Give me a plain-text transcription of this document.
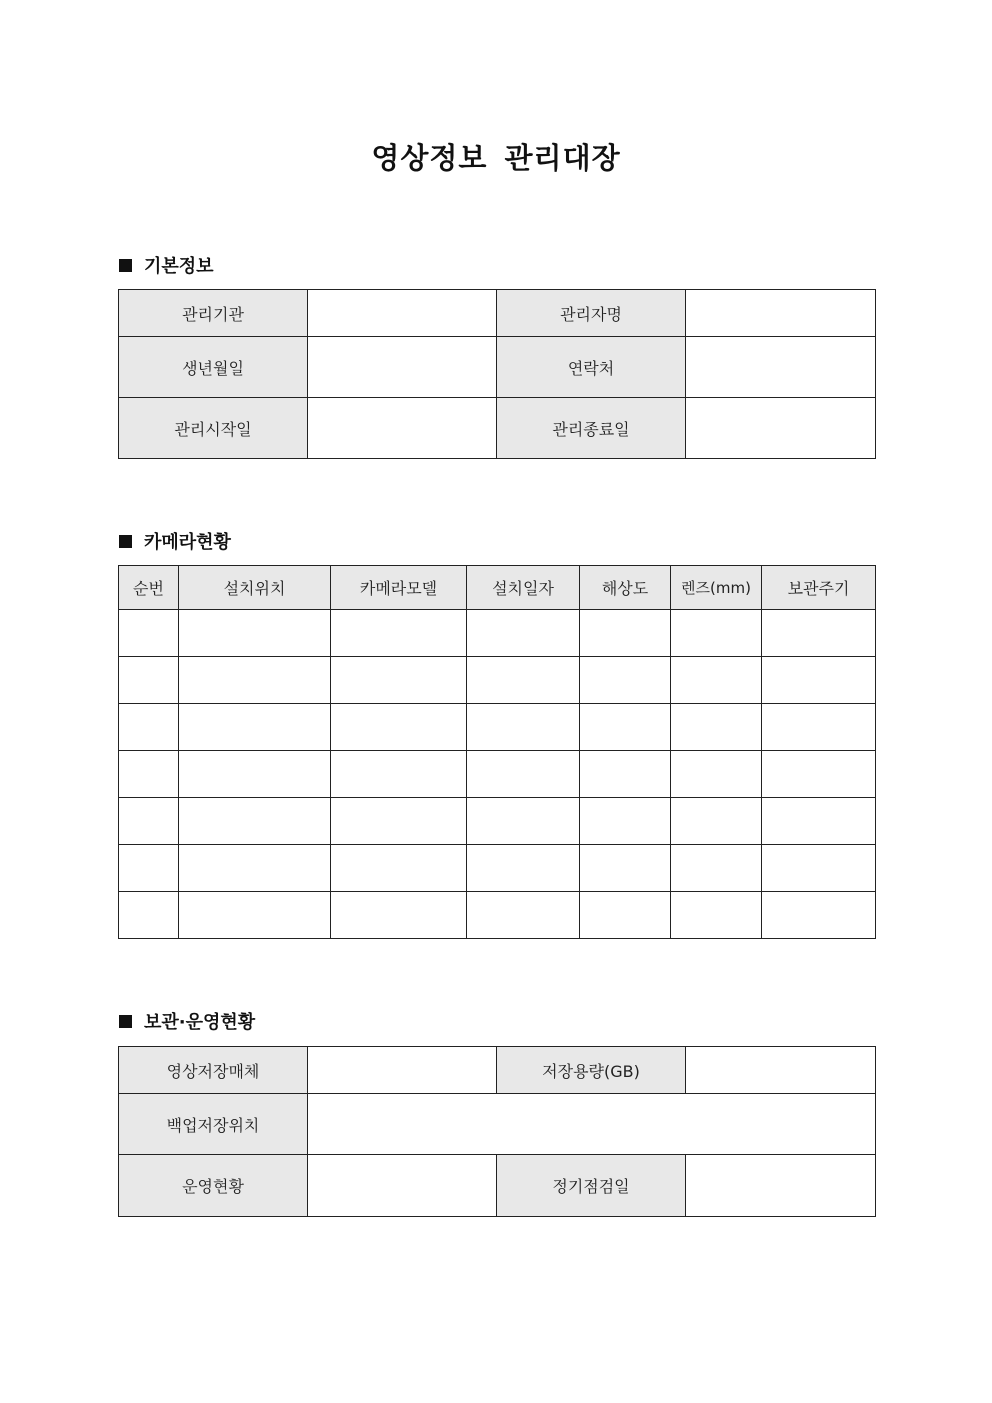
영상정보 관리대장
기본정보
관리기관		관리자명	
생년월일		연락처	
관리시작일		관리종료일	
카메라현황
순번	설치위치	카메라모델	설치일자	해상도	렌즈(mm)	보관주기

보관·운영현황
영상저장매체		저장용량(GB)	
백업저장위치			
운영현황		정기점검일	
